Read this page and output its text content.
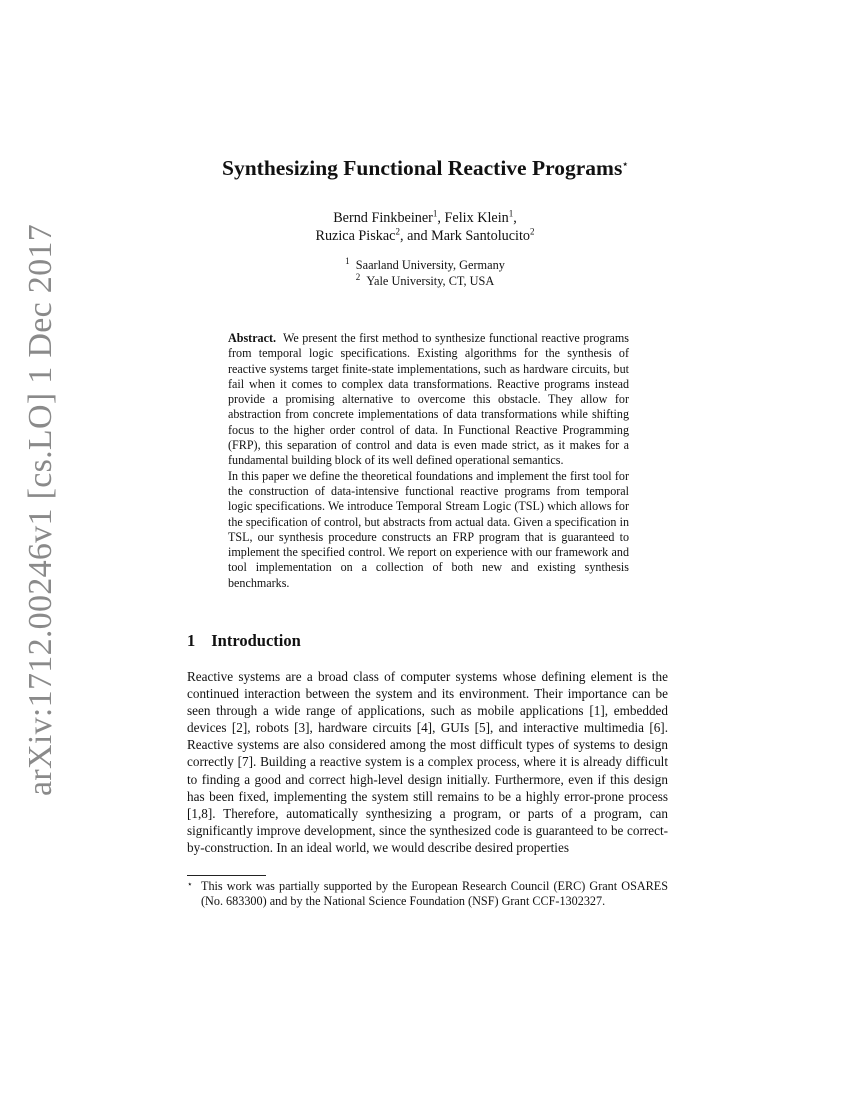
arXiv:1712.00246v1 [cs.LO] 1 Dec 2017
Synthesizing Functional Reactive Programs⋆
Bernd Finkbeiner$^1$, Felix Klein$^1$,
Ruzica Piskac$^2$, and Mark Santolucito$^2$
$^1$ Saarland University, Germany
$^2$ Yale University, CT, USA

Abstract. We present the first method to synthesize functional reactive programs from temporal logic specifications. Existing algorithms for the synthesis of reactive systems target finite-state implementations, such as hardware circuits, but fail when it comes to complex data transformations. Reactive programs instead provide a promising alternative to overcome this obstacle. They allow for abstraction from concrete implementations of data transformations while shifting focus to the higher order control of data. In Functional Reactive Programming (FRP), this separation of control and data is even made strict, as it makes for a fundamental building block of its well defined operational semantics.

In this paper we define the theoretical foundations and implement the first tool for the construction of data-intensive functional reactive programs from temporal logic specifications. We introduce Temporal Stream Logic (TSL) which allows for the specification of control, but abstracts from actual data. Given a specification in TSL, our synthesis procedure constructs an FRP program that is guaranteed to implement the specified control. We report on experience with our framework and tool implementation on a collection of both new and existing synthesis benchmarks.

1 Introduction

Reactive systems are a broad class of computer systems whose defining element is the continued interaction between the system and its environment. Their importance can be seen through a wide range of applications, such as mobile applications [1], embedded devices [2], robots [3], hardware circuits [4], GUIs [5], and interactive multimedia [6]. Reactive systems are also considered among the most difficult types of systems to design correctly [7]. Building a reactive system is a complex process, where it is already difficult to finding a good and correct high-level design initially. Furthermore, even if this design has been fixed, implementing the system still remains to be a highly error-prone process [1,8]. Therefore, automatically synthesizing a program, or parts of a program, can significantly improve development, since the synthesized code is guaranteed to be correct-by-construction. In an ideal world, we would describe desired properties

⋆ This work was partially supported by the European Research Council (ERC) Grant OSARES (No. 683300) and by the National Science Foundation (NSF) Grant CCF-1302327.
